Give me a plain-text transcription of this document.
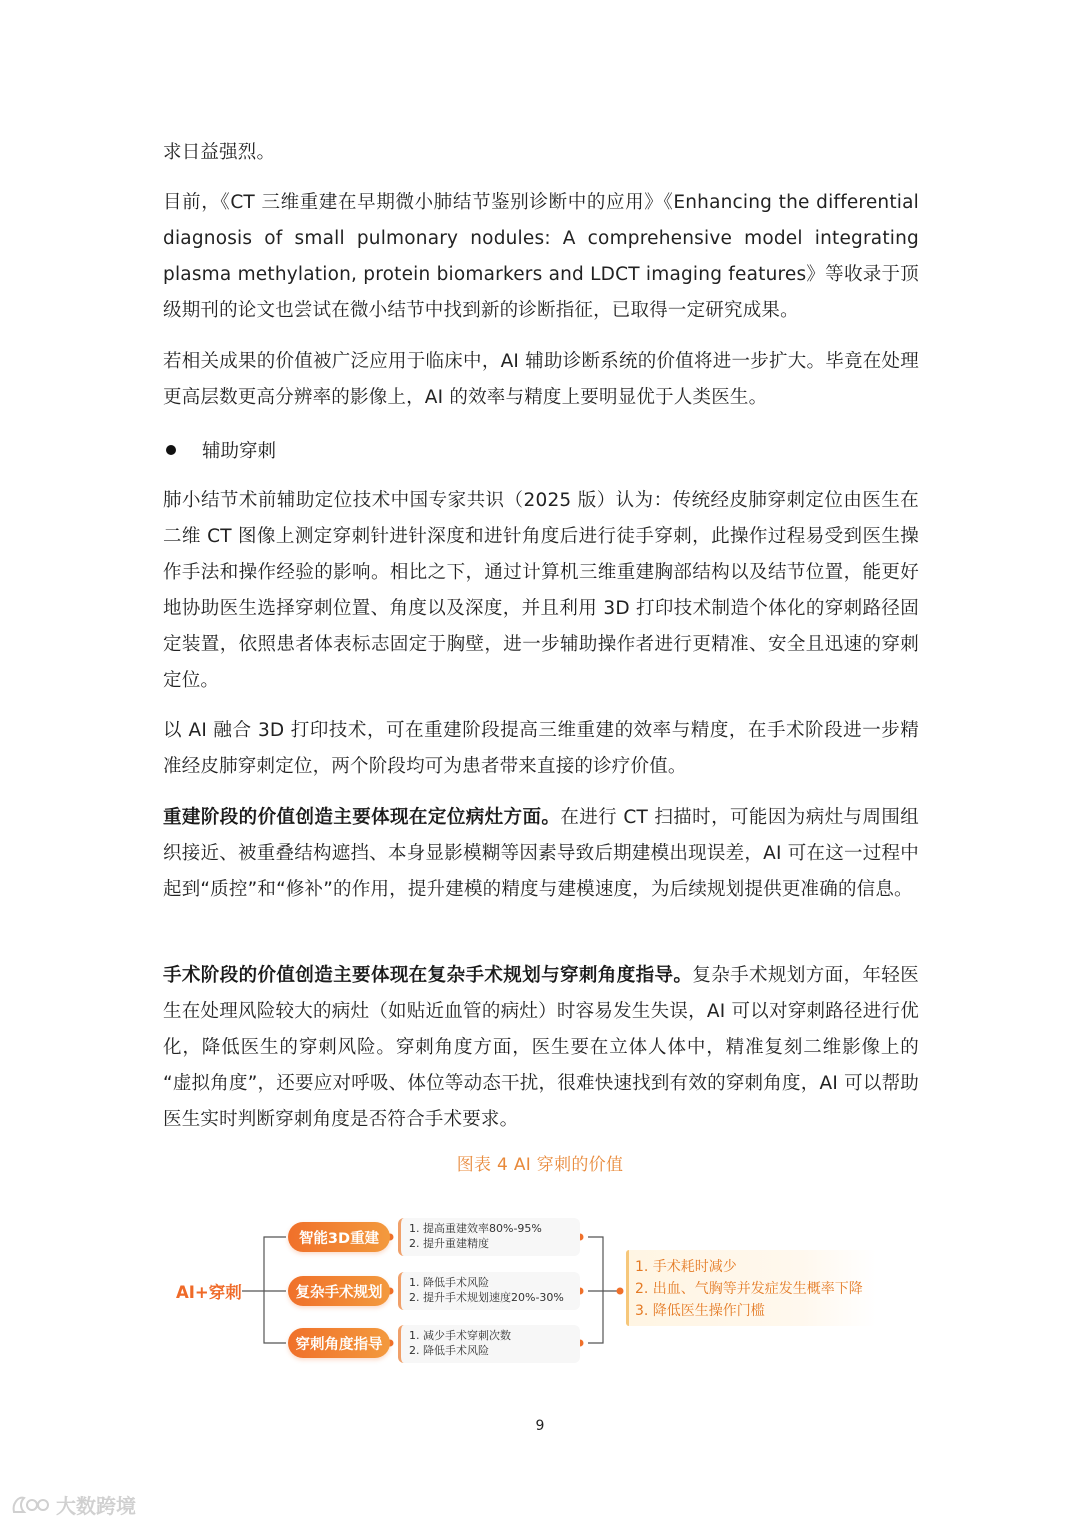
求日益强烈。

目前，《CT 三维重建在早期微小肺结节鉴别诊断中的应用》《Enhancing the differential diagnosis of small pulmonary nodules: A comprehensive model integrating plasma methylation, protein biomarkers and LDCT imaging features》等收录于顶级期刊的论文也尝试在微小结节中找到新的诊断指征，已取得一定研究成果。

若相关成果的价值被广泛应用于临床中，AI 辅助诊断系统的价值将进一步扩大。毕竟在处理更高层数更高分辨率的影像上，AI 的效率与精度上要明显优于人类医生。

辅助穿刺

肺小结节术前辅助定位技术中国专家共识（2025 版）认为：传统经皮肺穿刺定位由医生在二维 CT 图像上测定穿刺针进针深度和进针角度后进行徒手穿刺，此操作过程易受到医生操作手法和操作经验的影响。相比之下，通过计算机三维重建胸部结构以及结节位置，能更好地协助医生选择穿刺位置、角度以及深度，并且利用 3D 打印技术制造个体化的穿刺路径固定装置，依照患者体表标志固定于胸壁，进一步辅助操作者进行更精准、安全且迅速的穿刺定位。

以 AI 融合 3D 打印技术，可在重建阶段提高三维重建的效率与精度，在手术阶段进一步精准经皮肺穿刺定位，两个阶段均可为患者带来直接的诊疗价值。

重建阶段的价值创造主要体现在定位病灶方面。在进行 CT 扫描时，可能因为病灶与周围组织接近、被重叠结构遮挡、本身显影模糊等因素导致后期建模出现误差，AI 可在这一过程中起到“质控”和“修补”的作用，提升建模的精度与建模速度，为后续规划提供更准确的信息。

手术阶段的价值创造主要体现在复杂手术规划与穿刺角度指导。复杂手术规划方面，年轻医生在处理风险较大的病灶（如贴近血管的病灶）时容易发生失误，AI 可以对穿刺路径进行优化，降低医生的穿刺风险。穿刺角度方面，医生要在立体人体中，精准复刻二维影像上的 “虚拟角度”，还要应对呼吸、体位等动态干扰，很难快速找到有效的穿刺角度，AI 可以帮助医生实时判断穿刺角度是否符合手术要求。

图表 4 AI 穿刺的价值
AI+穿刺
智能3D重建
复杂手术规划
穿刺角度指导
1. 提高重建效率80%-95%
2. 提升重建精度
1. 降低手术风险
2. 提升手术规划速度20%-30%
1. 减少手术穿刺次数
2. 降低手术风险
1. 手术耗时减少
2. 出血、气胸等并发症发生概率下降
3. 降低医生操作门槛
9
大数跨境
